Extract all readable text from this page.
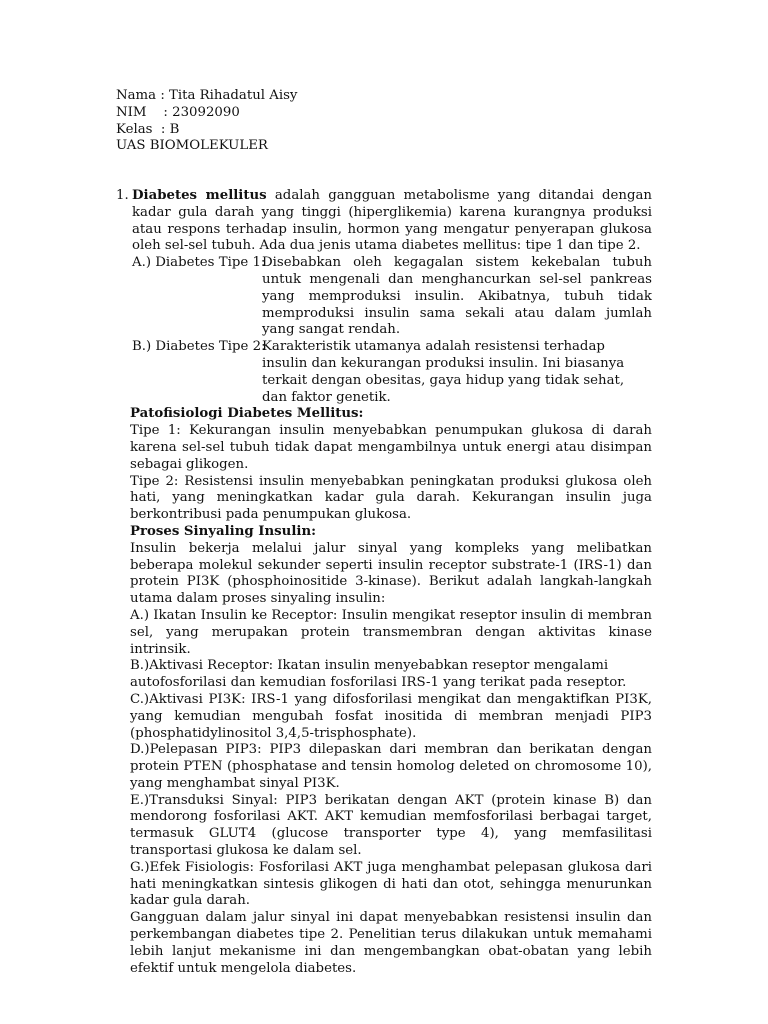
Nama : Tita Rihadatul Aisy
NIM    : 23092090
Kelas  : B
UAS BIOMOLEKULER
1. Diabetes mellitus adalah gangguan metabolisme yang ditandai dengan kadar gula darah yang tinggi (hiperglikemia) karena kurangnya produksi atau respons terhadap insulin, hormon yang mengatur penyerapan glukosa oleh sel-sel tubuh. Ada dua jenis utama diabetes mellitus: tipe 1 dan tipe 2.
A.) Diabetes Tipe 1:
Disebabkan oleh kegagalan sistem kekebalan tubuh untuk mengenali dan menghancurkan sel-sel pankreas yang memproduksi insulin. Akibatnya, tubuh tidak memproduksi insulin sama sekali atau dalam jumlah yang sangat rendah.
B.) Diabetes Tipe 2:
Karakteristik utamanya adalah resistensi terhadap insulin dan kekurangan produksi insulin. Ini biasanya terkait dengan obesitas, gaya hidup yang tidak sehat, dan faktor genetik.

Patofisiologi Diabetes Mellitus:

Tipe 1: Kekurangan insulin menyebabkan penumpukan glukosa di darah karena sel-sel tubuh tidak dapat mengambilnya untuk energi atau disimpan sebagai glikogen.

Tipe 2: Resistensi insulin menyebabkan peningkatan produksi glukosa oleh hati, yang meningkatkan kadar gula darah. Kekurangan insulin juga berkontribusi pada penumpukan glukosa.

Proses Sinyaling Insulin:

Insulin bekerja melalui jalur sinyal yang kompleks yang melibatkan beberapa molekul sekunder seperti insulin receptor substrate-1 (IRS-1) dan protein PI3K (phosphoinositide 3-kinase). Berikut adalah langkah-langkah utama dalam proses sinyaling insulin:

A.) Ikatan Insulin ke Receptor: Insulin mengikat reseptor insulin di membran sel, yang merupakan protein transmembran dengan aktivitas kinase intrinsik.

B.)Aktivasi Receptor: Ikatan insulin menyebabkan reseptor mengalami autofosforilasi dan kemudian fosforilasi IRS-1 yang terikat pada reseptor.

C.)Aktivasi PI3K: IRS-1 yang difosforilasi mengikat dan mengaktifkan PI3K, yang kemudian mengubah fosfat inositida di membran menjadi PIP3 (phosphatidylinositol 3,4,5-trisphosphate).

D.)Pelepasan PIP3: PIP3 dilepaskan dari membran dan berikatan dengan protein PTEN (phosphatase and tensin homolog deleted on chromosome 10), yang menghambat sinyal PI3K.

E.)Transduksi Sinyal: PIP3 berikatan dengan AKT (protein kinase B) dan mendorong fosforilasi AKT. AKT kemudian memfosforilasi berbagai target, termasuk GLUT4 (glucose transporter type 4), yang memfasilitasi transportasi glukosa ke dalam sel.

G.)Efek Fisiologis: Fosforilasi AKT juga menghambat pelepasan glukosa dari hati meningkatkan sintesis glikogen di hati dan otot, sehingga menurunkan kadar gula darah.

Gangguan dalam jalur sinyal ini dapat menyebabkan resistensi insulin dan perkembangan diabetes tipe 2. Penelitian terus dilakukan untuk memahami lebih lanjut mekanisme ini dan mengembangkan obat-obatan yang lebih efektif untuk mengelola diabetes.
